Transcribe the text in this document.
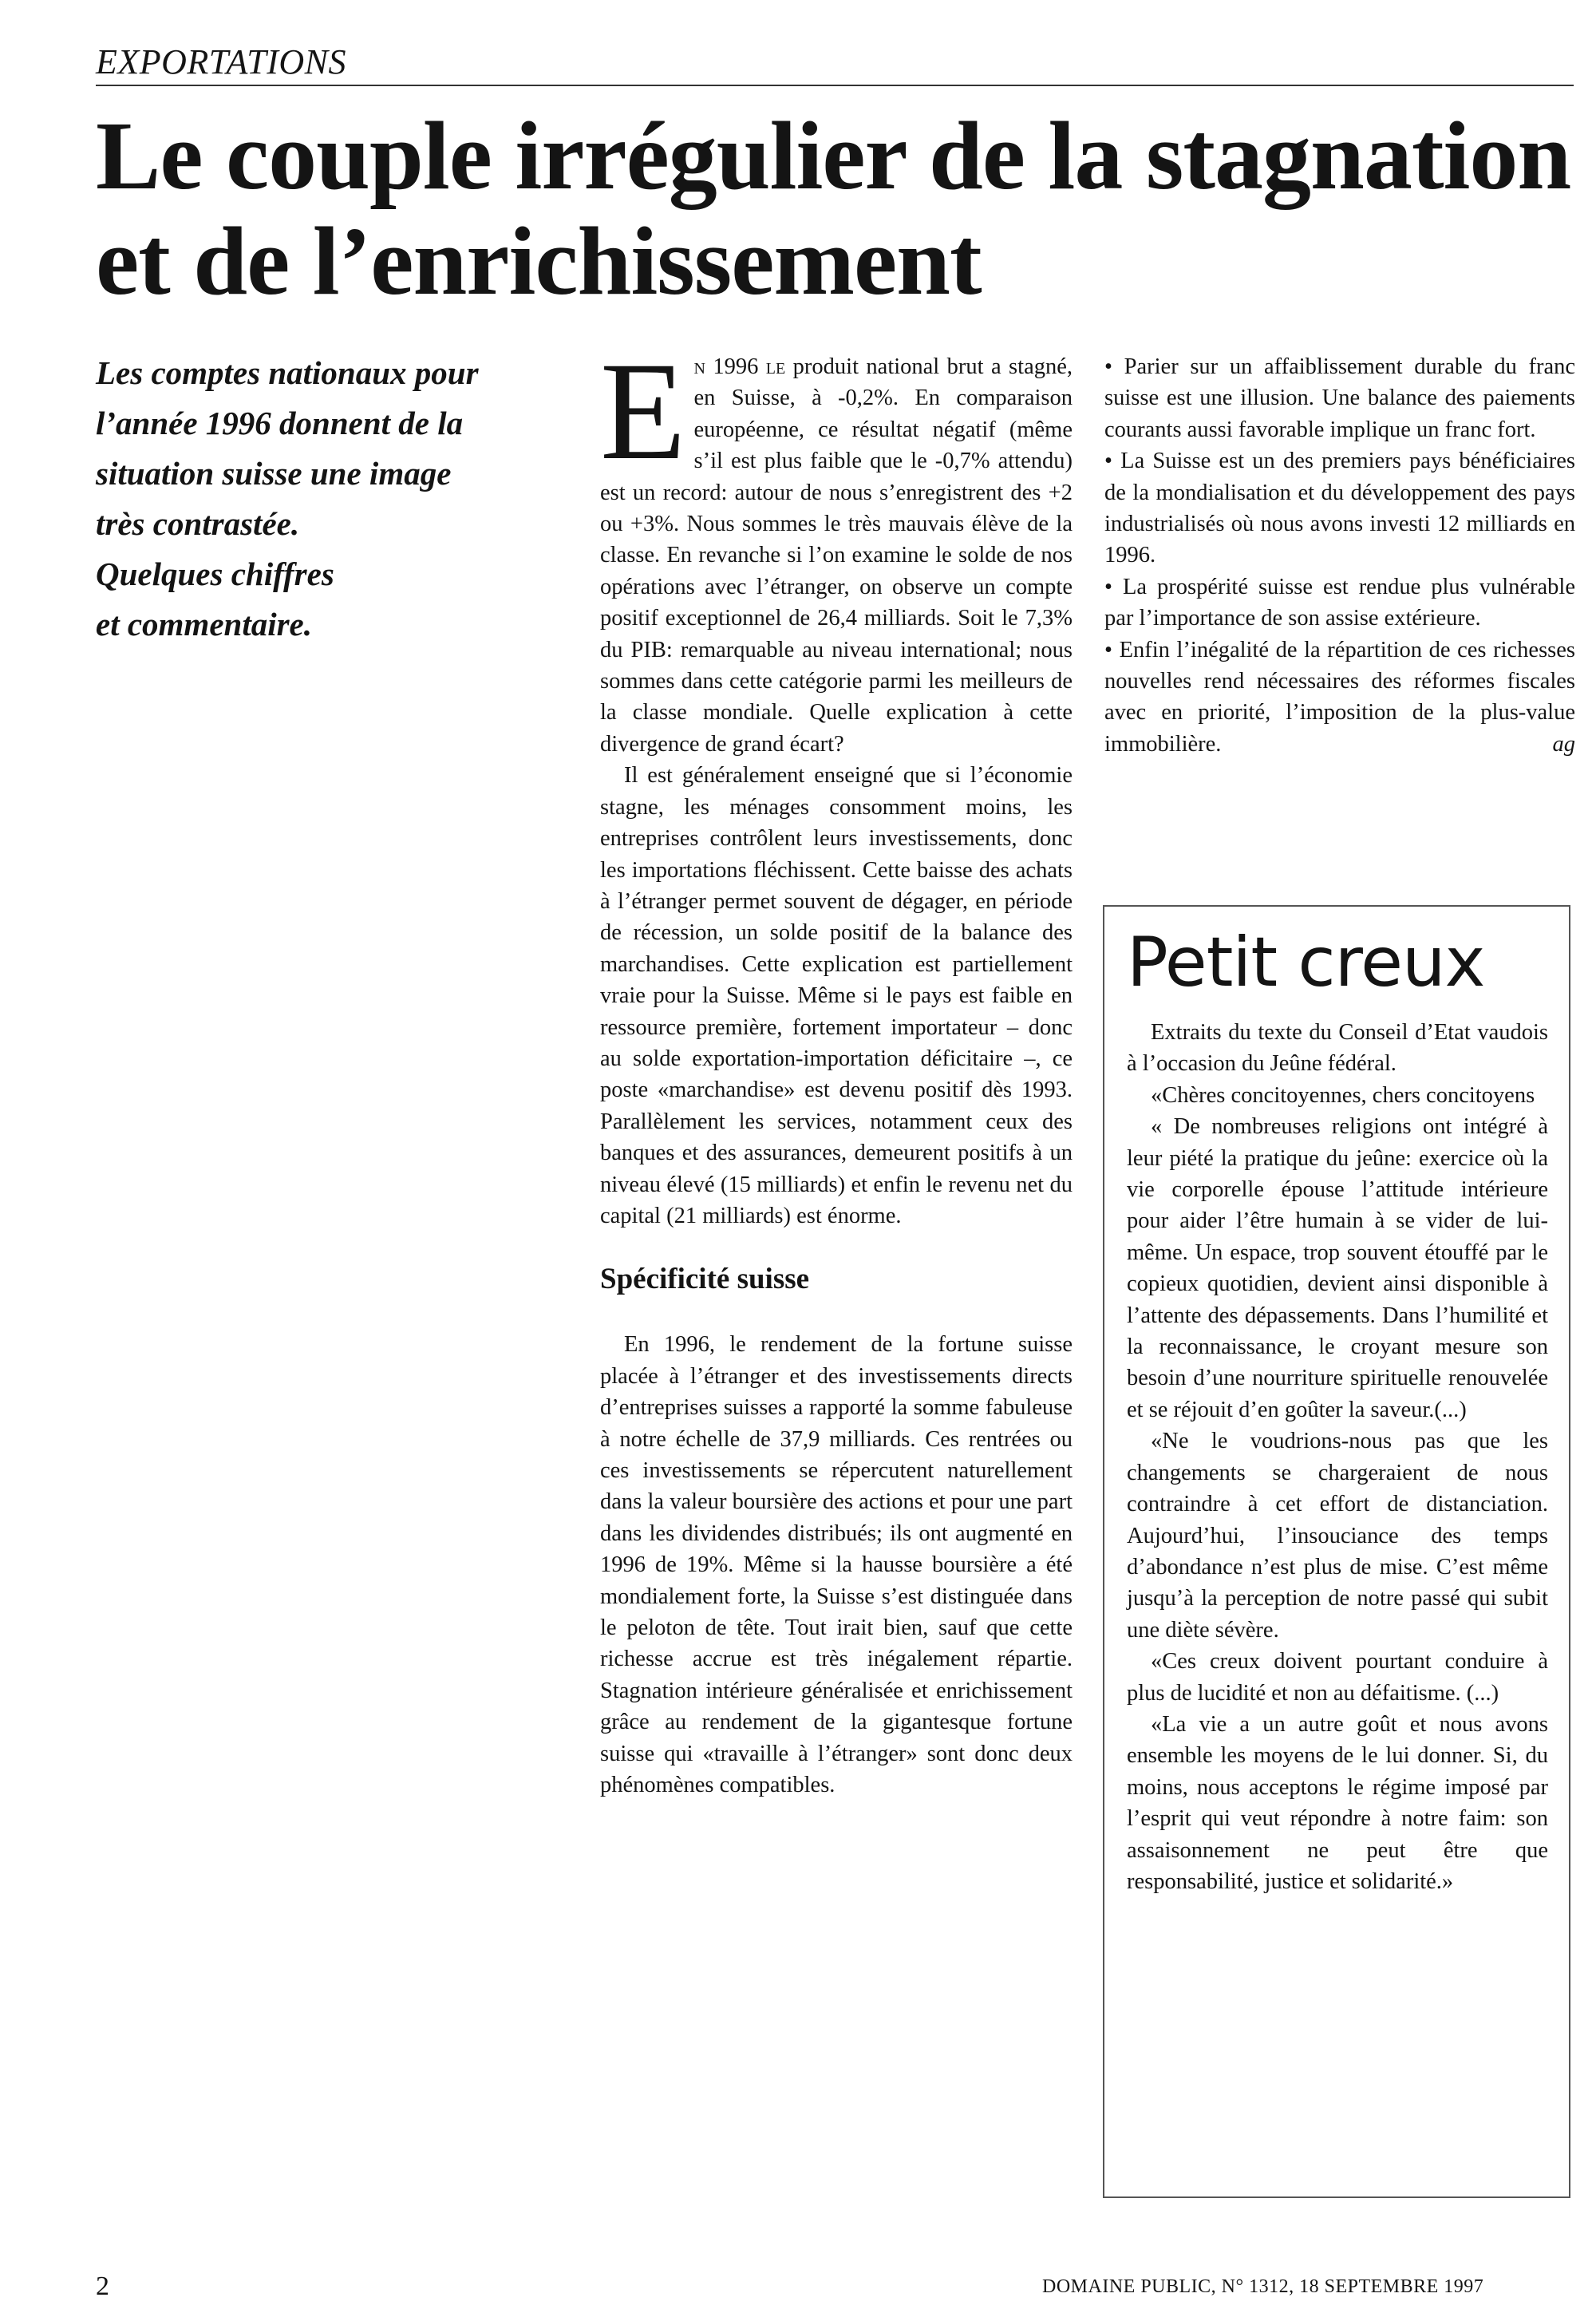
EXPORTATIONS
Le couple irrégulier de la stagnation
et de l’enrichissement

Les comptes nationaux pour

l’année 1996 donnent de la

situation suisse une image

très contrastée.

Quelques chiffres

et commentaire.

En 1996 le produit national brut a stagné, en Suisse, à -0,2%. En comparaison européenne, ce résultat négatif (même s’il est plus faible que le -0,7% attendu) est un record: autour de nous s’enregistrent des +2 ou +3%. Nous sommes le très mauvais élève de la classe. En revanche si l’on examine le solde de nos opérations avec l’étranger, on observe un compte positif exceptionnel de 26,4 milliards. Soit le 7,3% du PIB: remarquable au niveau international; nous sommes dans cette catégorie parmi les meilleurs de la classe mondiale. Quelle explication à cette divergence de grand écart?

Il est généralement enseigné que si l’économie stagne, les ménages consomment moins, les entreprises contrôlent leurs investissements, donc les importations fléchissent. Cette baisse des achats à l’étranger permet souvent de dégager, en période de récession, un solde positif de la balance des marchandises. Cette explication est partiellement vraie pour la Suisse. Même si le pays est faible en ressource première, fortement importateur – donc au solde exportation-importation déficitaire –, ce poste «marchandise» est devenu positif dès 1993. Parallèlement les services, notamment ceux des banques et des assurances, demeurent positifs à un niveau élevé (15 milliards) et enfin le revenu net du capital (21 milliards) est énorme.

Spécificité suisse

En 1996, le rendement de la fortune suisse placée à l’étranger et des investissements directs d’entreprises suisses a rapporté la somme fabuleuse à notre échelle de 37,9 milliards. Ces rentrées ou ces investissements se répercutent naturellement dans la valeur boursière des actions et pour une part dans les dividendes distribués; ils ont augmenté en 1996 de 19%. Même si la hausse boursière a été mondialement forte, la Suisse s’est distinguée dans le peloton de tête. Tout irait bien, sauf que cette richesse accrue est très inégalement répartie. Stagnation intérieure généralisée et enrichissement grâce au rendement de la gigantesque fortune suisse qui «travaille à l’étranger» sont donc deux phénomènes compatibles.

• Parier sur un affaiblissement durable du franc suisse est une illusion. Une balance des paiements courants aussi favorable implique un franc fort.

• La Suisse est un des premiers pays bénéficiaires de la mondialisation et du développement des pays industrialisés où nous avons investi 12 milliards en 1996.

• La prospérité suisse est rendue plus vulnérable par l’importance de son assise extérieure.

• Enfin l’inégalité de la répartition de ces richesses nouvelles rend nécessaires des réformes fiscales avec en priorité, l’imposition de la plus-value immobilière.	ag
Petit creux

Extraits du texte du Conseil d’Etat vaudois à l’occasion du Jeûne fédéral.

«Chères concitoyennes, chers concitoyens

« De nombreuses religions ont intégré à leur piété la pratique du jeûne: exercice où la vie corporelle épouse l’attitude intérieure pour aider l’être humain à se vider de lui-même. Un espace, trop souvent étouffé par le copieux quotidien, devient ainsi disponible à l’attente des dépassements. Dans l’humilité et la reconnaissance, le croyant mesure son besoin d’une nourriture spirituelle renouvelée et se réjouit d’en goûter la saveur.(...)

«Ne le voudrions-nous pas que les changements se chargeraient de nous contraindre à cet effort de distanciation. Aujourd’hui, l’insouciance des temps d’abondance n’est plus de mise. C’est même jusqu’à la perception de notre passé qui subit une diète sévère.

«Ces creux doivent pourtant conduire à plus de lucidité et non au défaitisme. (...)

«La vie a un autre goût et nous avons ensemble les moyens de le lui donner. Si, du moins, nous acceptons le régime imposé par l’esprit qui veut répondre à notre faim: son assaisonnement ne peut être que responsabilité, justice et solidarité.»

2	DOMAINE PUBLIC, N° 1312, 18 SEPTEMBRE 1997
